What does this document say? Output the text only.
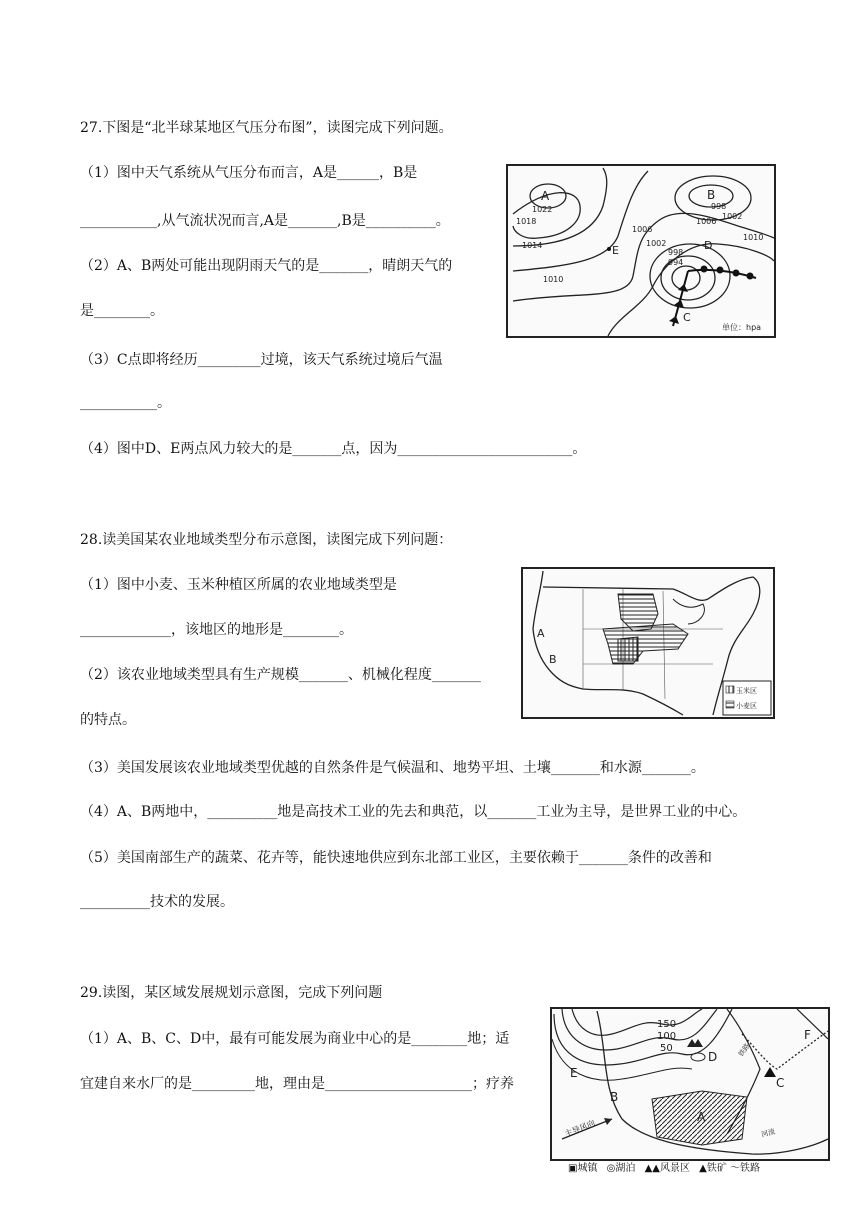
27.下图是“北半球某地区气压分布图”，读图完成下列问题。
（1）图中天气系统从气压分布而言，A是______，B是
___________,从气流状况而言,A是_______,B是__________。
（2）A、B两处可能出现阴雨天气的是_______，晴朗天气的
是________。
（3）C点即将经历_________过境，该天气系统过境后气温
___________。
（4）图中D、E两点风力较大的是_______点，因为_________________________。
A	B
C
D
E
1022
1018
1014
1010
1006
1002
998
994
1002
998
1006
1010
单位：hpa
28.读美国某农业地域类型分布示意图，读图完成下列问题：
（1）图中小麦、玉米种植区所属的农业地域类型是
_____________，该地区的地形是________。
（2）该农业地域类型具有生产规模_______、机械化程度_______
的特点。
（3）美国发展该农业地域类型优越的自然条件是气候温和、地势平坦、土壤_______和水源_______。
（4）A、B两地中，__________地是高技术工业的先去和典范，以_______工业为主导，是世界工业的中心。
（5）美国南部生产的蔬菜、花卉等，能快速地供应到东北部工业区，主要依赖于_______条件的改善和
__________技术的发展。
A
B
玉米区
小麦区
29.读图，某区域发展规划示意图，完成下列问题
（1）A、B、C、D中，最有可能发展为商业中心的是________地；适
宜建自来水厂的是_________地，理由是_____________________；疗养
150
100
50
A
B
C
D
E
F
铁路
河流
主导风向
▣城镇 ◎湖泊 ▲▲风景区 ▲铁矿 〜铁路
